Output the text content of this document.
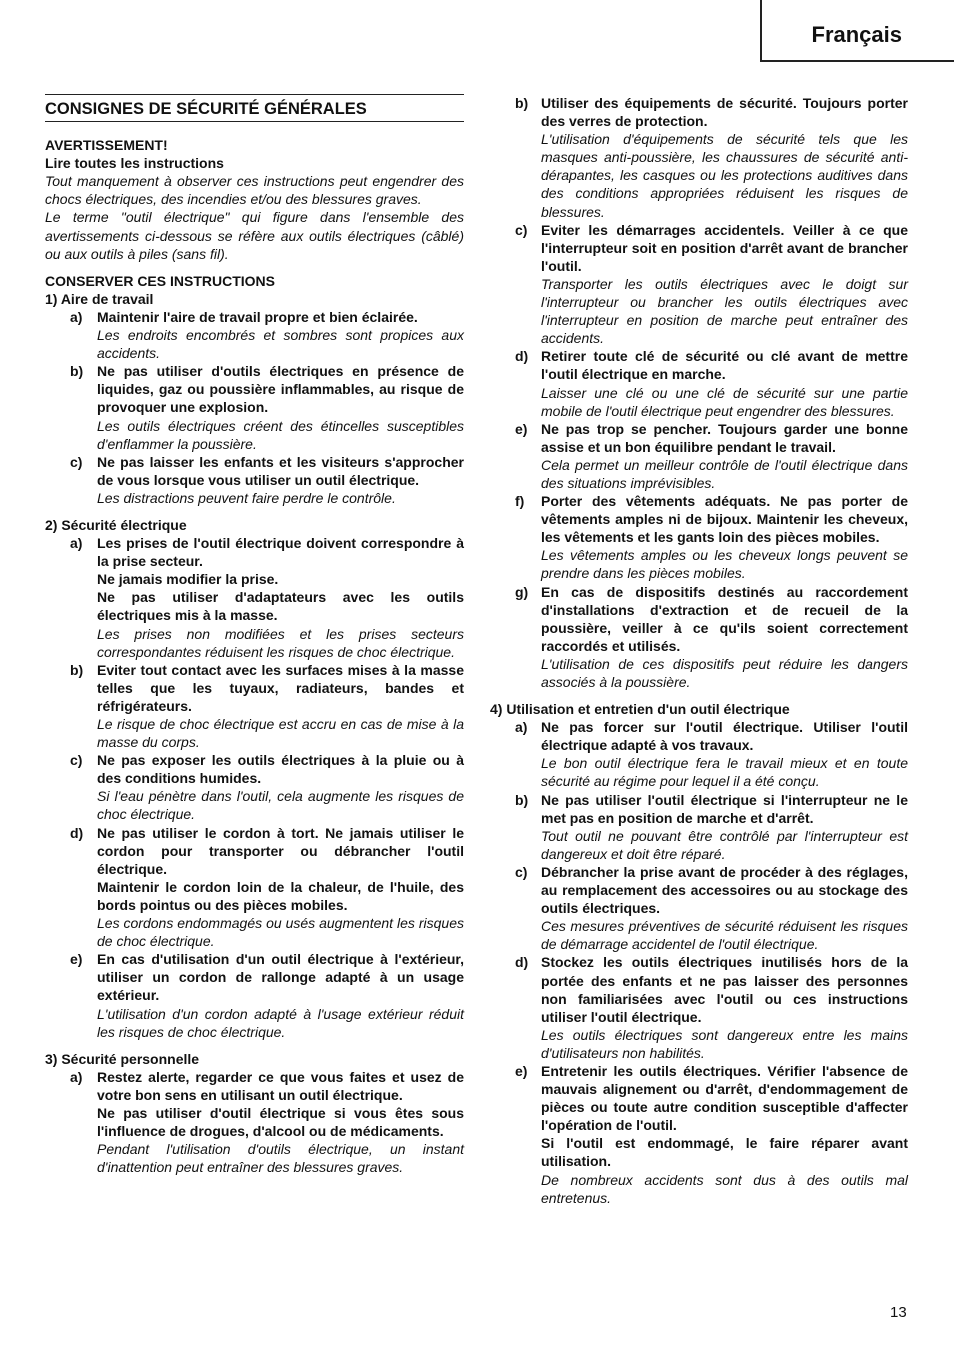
Français
CONSIGNES DE SÉCURITÉ GÉNÉRALES

AVERTISSEMENT!

Lire toutes les instructions

Tout manquement à observer ces instructions peut engendrer des chocs électriques, des incendies et/ou des blessures graves.

Le terme "outil électrique" qui figure dans l'ensemble des avertissements ci-dessous se réfère aux outils électriques (câblé) ou aux outils à piles (sans fil).

CONSERVER CES INSTRUCTIONS

1) Aire de travail

a) Maintenir l'aire de travail propre et bien éclairée.

Les endroits encombrés et sombres sont propices aux accidents.

b) Ne pas utiliser d'outils électriques en présence de liquides, gaz ou poussière inflammables, au risque de provoquer une explosion.

Les outils électriques créent des étincelles susceptibles d'enflammer la poussière.

c) Ne pas laisser les enfants et les visiteurs s'approcher de vous lorsque vous utiliser un outil électrique.

Les distractions peuvent faire perdre le contrôle.

2) Sécurité électrique

a) Les prises de l'outil électrique doivent correspondre à la prise secteur.

Ne jamais modifier la prise.

Ne pas utiliser d'adaptateurs avec les outils électriques mis à la masse.

Les prises non modifiées et les prises secteurs correspondantes réduisent les risques de choc électrique.

b) Eviter tout contact avec les surfaces mises à la masse telles que les tuyaux, radiateurs, bandes et réfrigérateurs.

Le risque de choc électrique est accru en cas de mise à la masse du corps.

c) Ne pas exposer les outils électriques à la pluie ou à des conditions humides.

Si l'eau pénètre dans l'outil, cela augmente les risques de choc électrique.

d) Ne pas utiliser le cordon à tort. Ne jamais utiliser le cordon pour transporter ou débrancher l'outil électrique.

Maintenir le cordon loin de la chaleur, de l'huile, des bords pointus ou des pièces mobiles.

Les cordons endommagés ou usés augmentent les risques de choc électrique.

e) En cas d'utilisation d'un outil électrique à l'extérieur, utiliser un cordon de rallonge adapté à un usage extérieur.

L'utilisation d'un cordon adapté à l'usage extérieur réduit les risques de choc électrique.

3) Sécurité personnelle

a) Restez alerte, regarder ce que vous faites et usez de votre bon sens en utilisant un outil électrique.

Ne pas utiliser d'outil électrique si vous êtes sous l'influence de drogues, d'alcool ou de médicaments.

Pendant l'utilisation d'outils électrique, un instant d'inattention peut entraîner des blessures graves.

b) Utiliser des équipements de sécurité. Toujours porter des verres de protection.

L'utilisation d'équipements de sécurité tels que les masques anti-poussière, les chaussures de sécurité anti-dérapantes, les casques ou les protections auditives dans des conditions appropriées réduisent les risques de blessures.

c) Eviter les démarrages accidentels. Veiller à ce que l'interrupteur soit en position d'arrêt avant de brancher l'outil.

Transporter les outils électriques avec le doigt sur l'interrupteur ou brancher les outils électriques avec l'interrupteur en position de marche peut entraîner des accidents.

d) Retirer toute clé de sécurité ou clé avant de mettre l'outil électrique en marche.

Laisser une clé ou une clé de sécurité sur une partie mobile de l'outil électrique peut engendrer des blessures.

e) Ne pas trop se pencher. Toujours garder une bonne assise et un bon équilibre pendant le travail.

Cela permet un meilleur contrôle de l'outil électrique dans des situations imprévisibles.

f) Porter des vêtements adéquats. Ne pas porter de vêtements amples ni de bijoux. Maintenir les cheveux, les vêtements et les gants loin des pièces mobiles.

Les vêtements amples ou les cheveux longs peuvent se prendre dans les pièces mobiles.

g) En cas de dispositifs destinés au raccordement d'installations d'extraction et de recueil de la poussière, veiller à ce qu'ils soient correctement raccordés et utilisés.

L'utilisation de ces dispositifs peut réduire les dangers associés à la poussière.

4) Utilisation et entretien d'un outil électrique

a) Ne pas forcer sur l'outil électrique. Utiliser l'outil électrique adapté à vos travaux.

Le bon outil électrique fera le travail mieux et en toute sécurité au régime pour lequel il a été conçu.

b) Ne pas utiliser l'outil électrique si l'interrupteur ne le met pas en position de marche et d'arrêt.

Tout outil ne pouvant être contrôlé par l'interrupteur est dangereux et doit être réparé.

c) Débrancher la prise avant de procéder à des réglages, au remplacement des accessoires ou au stockage des outils électriques.

Ces mesures préventives de sécurité réduisent les risques de démarrage accidentel de l'outil électrique.

d) Stockez les outils électriques inutilisés hors de la portée des enfants et ne pas laisser des personnes non familiarisées avec l'outil ou ces instructions utiliser l'outil électrique.

Les outils électriques sont dangereux entre les mains d'utilisateurs non habilités.

e) Entretenir les outils électriques. Vérifier l'absence de mauvais alignement ou d'arrêt, d'endommagement de pièces ou toute autre condition susceptible d'affecter l'opération de l'outil.

Si l'outil est endommagé, le faire réparer avant utilisation.

De nombreux accidents sont dus à des outils mal entretenus.

13
